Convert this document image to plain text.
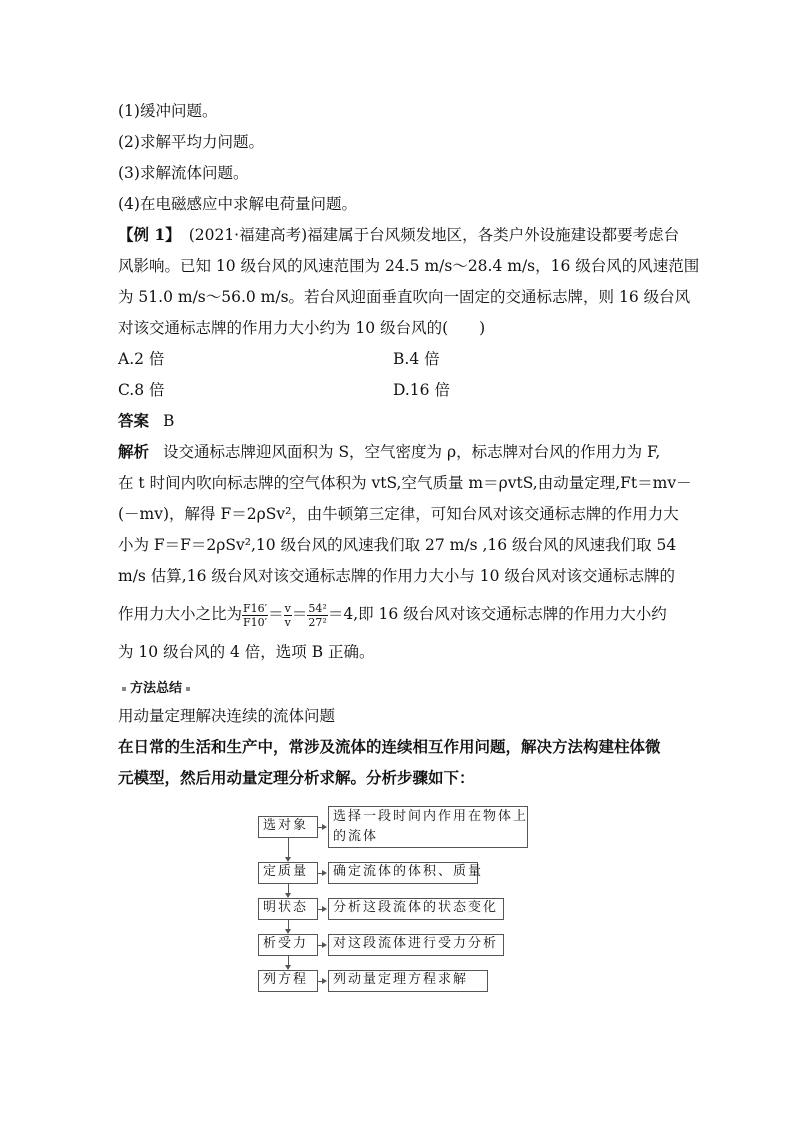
(1)缓冲问题。
(2)求解平均力问题。
(3)求解流体问题。
(4)在电磁感应中求解电荷量问题。
【例 1】 (2021·福建高考)福建属于台风频发地区，各类户外设施建设都要考虑台
风影响。已知 10 级台风的风速范围为 24.5 m/s～28.4 m/s，16 级台风的风速范围
为 51.0 m/s～56.0 m/s。若台风迎面垂直吹向一固定的交通标志牌，则 16 级台风
对该交通标志牌的作用力大小约为 10 级台风的(　　)
A.2 倍	B.4 倍
C.8 倍	D.16 倍
答案 B
解析 设交通标志牌迎风面积为 S，空气密度为 ρ，标志牌对台风的作用力为 F,
在 t 时间内吹向标志牌的空气体积为 vtS,空气质量 m＝ρvtS,由动量定理,Ft＝mv－
(－mv)，解得 F＝2ρSv²，由牛顿第三定律，可知台风对该交通标志牌的作用力大
小为 F＝F＝2ρSv²,10 级台风的风速我们取 27 m/s ,16 级台风的风速我们取 54
m/s 估算,16 级台风对该交通标志牌的作用力大小与 10 级台风对该交通标志牌的
作用力大小之比为 $\frac{F16'}{F10'} = \frac{v}{v} = \frac{\text{54²}}{\text{27²}} =4$,即 16 级台风对该交通标志牌的作用力大小约
为 10 级台风的 4 倍，选项 B 正确。
方法总结
用动量定理解决连续的流体问题
在日常的生活和生产中，常涉及流体的连续相互作用问题，解决方法构建柱体微
元模型，然后用动量定理分析求解。分析步骤如下：
选对象
选择一段时间内作用在物体上
的流体
定质量	确定流体的体积、质量
明状态	分析这段流体的状态变化
析受力	对这段流体进行受力分析
列方程	列动量定理方程求解
